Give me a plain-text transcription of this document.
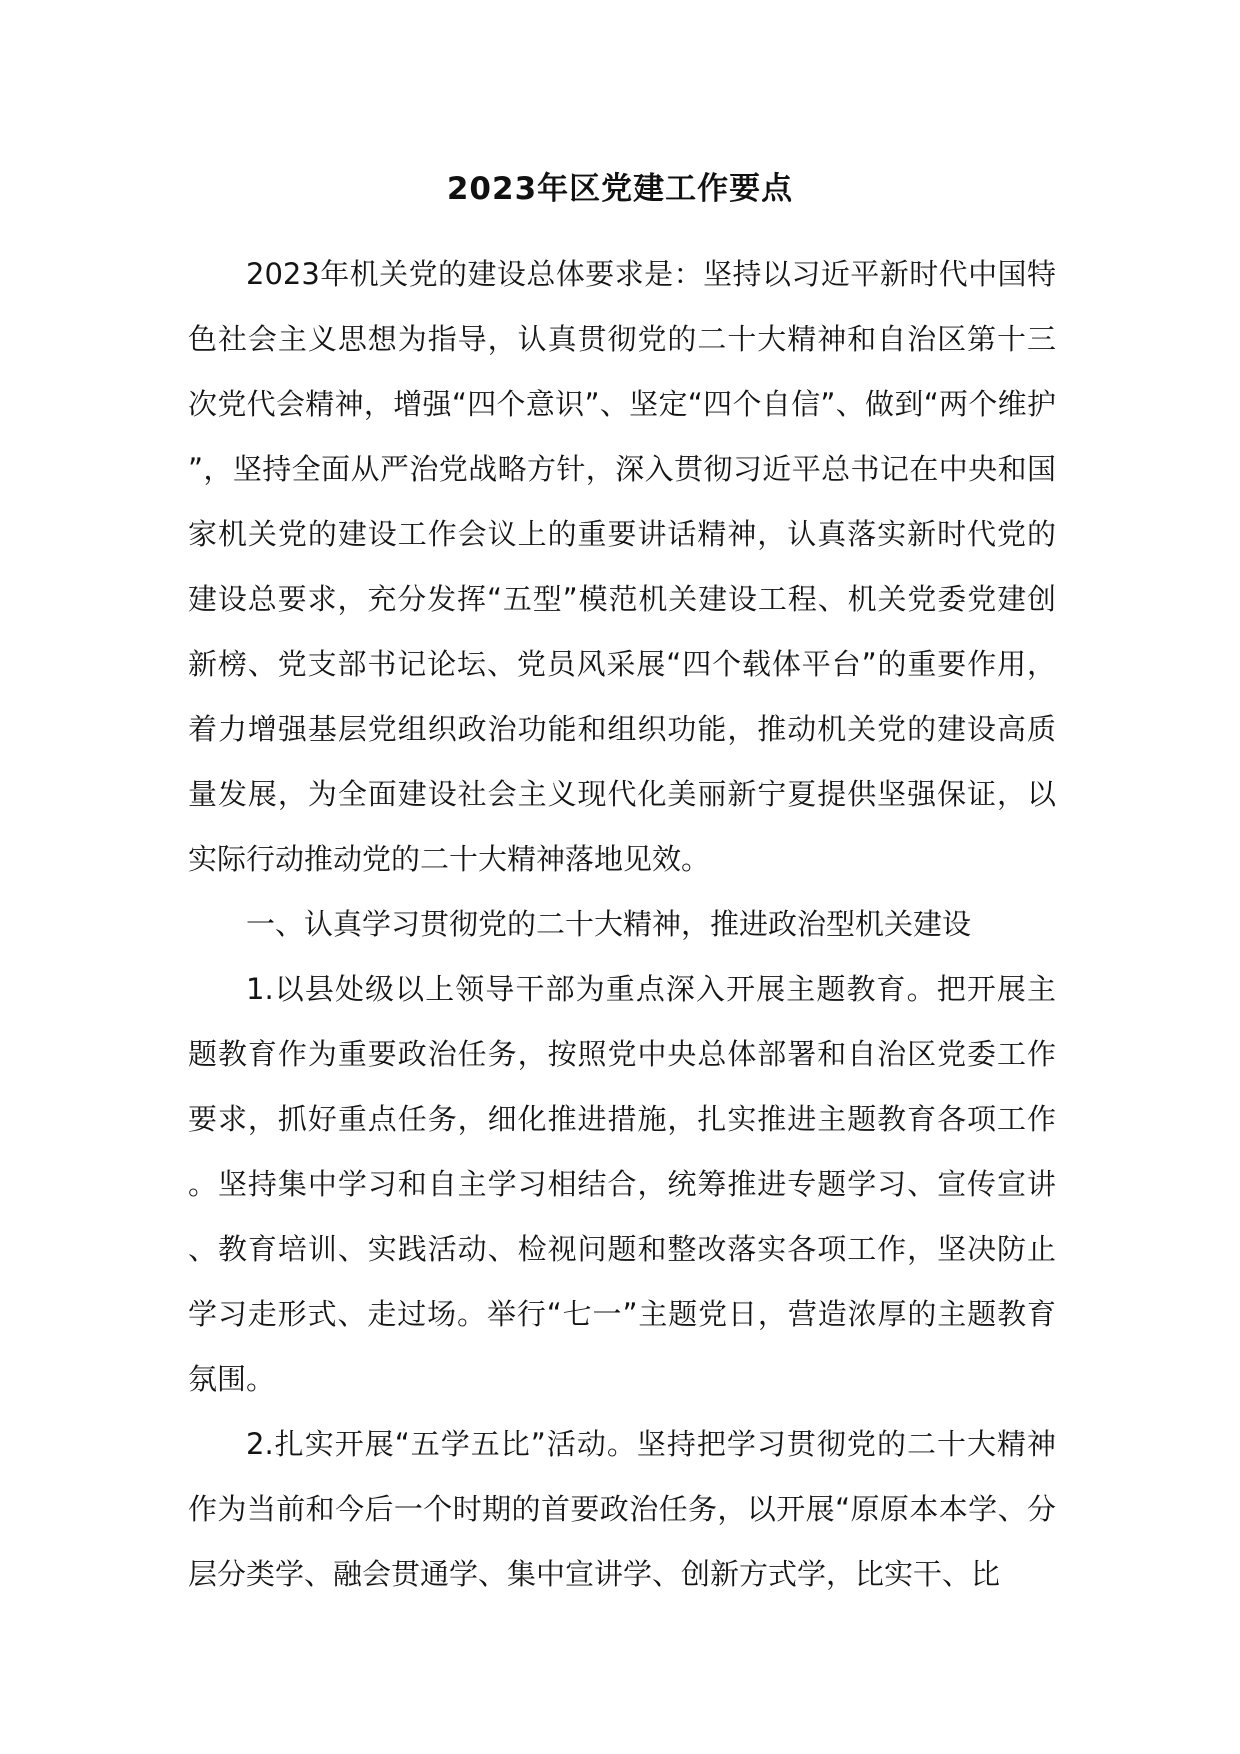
2023年区党建工作要点

2023年机关党的建设总体要求是：坚持以习近平新时代中国特色社会主义思想为指导，认真贯彻党的二十大精神和自治区第十三次党代会精神，增强“四个意识”、坚定“四个自信”、做到“两个维护”，坚持全面从严治党战略方针，深入贯彻习近平总书记在中央和国家机关党的建设工作会议上的重要讲话精神，认真落实新时代党的建设总要求，充分发挥“五型”模范机关建设工程、机关党委党建创新榜、党支部书记论坛、党员风采展“四个载体平台”的重要作用，着力增强基层党组织政治功能和组织功能，推动机关党的建设高质量发展，为全面建设社会主义现代化美丽新宁夏提供坚强保证，以实际行动推动党的二十大精神落地见效。

一、认真学习贯彻党的二十大精神，推进政治型机关建设

1.以县处级以上领导干部为重点深入开展主题教育。把开展主题教育作为重要政治任务，按照党中央总体部署和自治区党委工作要求，抓好重点任务，细化推进措施，扎实推进主题教育各项工作。坚持集中学习和自主学习相结合，统筹推进专题学习、宣传宣讲、教育培训、实践活动、检视问题和整改落实各项工作，坚决防止学习走形式、走过场。举行“七一”主题党日，营造浓厚的主题教育氛围。

2.扎实开展“五学五比”活动。坚持把学习贯彻党的二十大精神作为当前和今后一个时期的首要政治任务，以开展“原原本本学、分层分类学、融会贯通学、集中宣讲学、创新方式学，比实干、比
